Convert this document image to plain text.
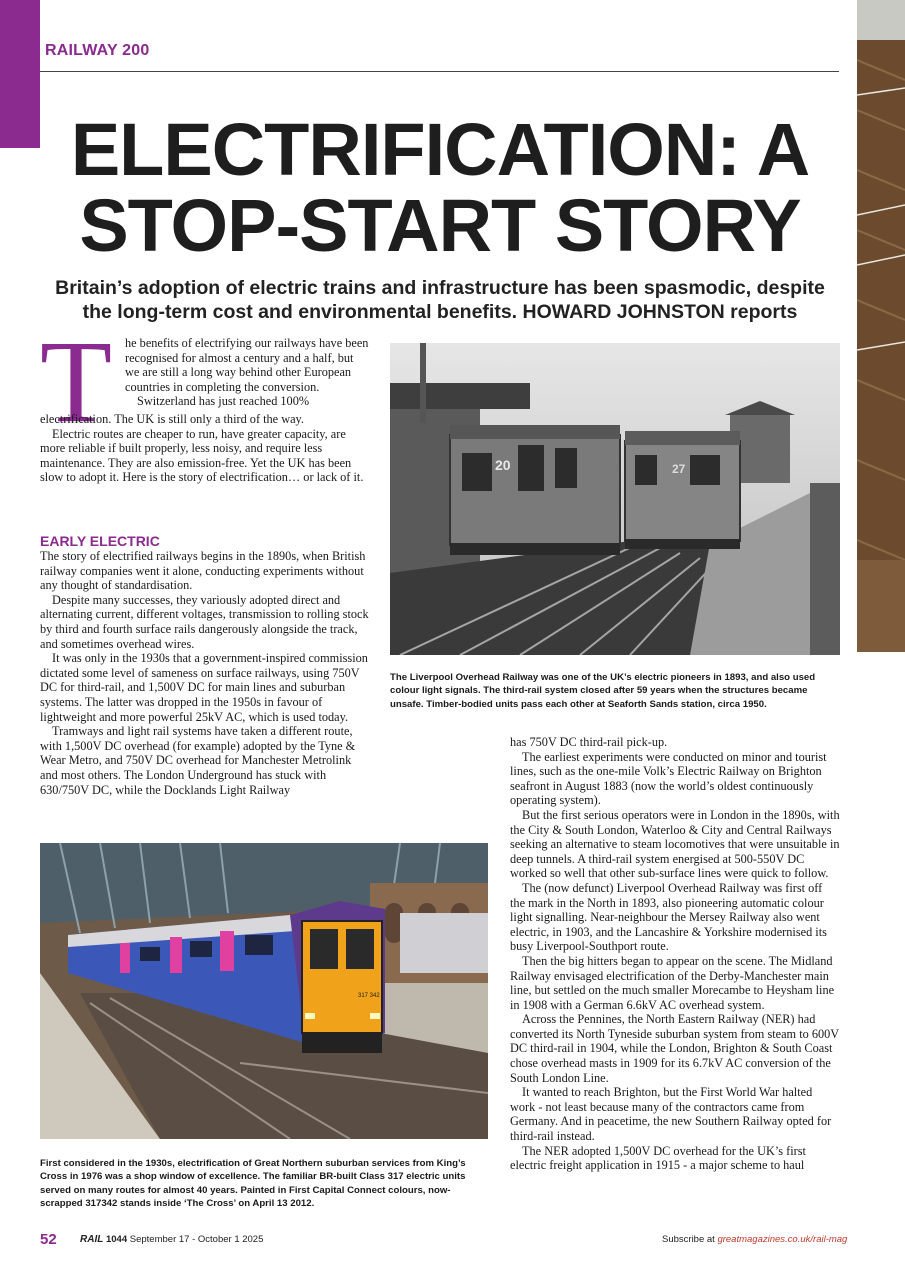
RAILWAY 200
ELECTRIFICATION: A
STOP-START STORY
Britain’s adoption of electric trains and infrastructure has been spasmodic, despite the long-term cost and environmental benefits. HOWARD JOHNSTON reports
T he benefits of electrifying our railways have been recognised for almost a century and a half, but we are still a long way behind other European countries in completing the conversion.

Switzerland has just reached 100%

electrification. The UK is still only a third of the way.

Electric routes are cheaper to run, have greater capacity, are more reliable if built properly, less noisy, and require less maintenance. They are also emission-free. Yet the UK has been slow to adopt it. Here is the story of electrification… or lack of it.

EARLY ELECTRIC

The story of electrified railways begins in the 1890s, when British railway companies went it alone, conducting experiments without any thought of standardisation.

Despite many successes, they variously adopted direct and alternating current, different voltages, transmission to rolling stock by third and fourth surface rails dangerously alongside the track, and sometimes overhead wires.

It was only in the 1930s that a government-inspired commission dictated some level of sameness on surface railways, using 750V DC for third-rail, and 1,500V DC for main lines and suburban systems. The latter was dropped in the 1950s in favour of lightweight and more powerful 25kV AC, which is used today.

Tramways and light rail systems have taken a different route, with 1,500V DC overhead (for example) adopted by the Tyne & Wear Metro, and 750V DC overhead for Manchester Metrolink and most others. The London Underground has stuck with 630/750V DC, while the Docklands Light Railway

20	27
The Liverpool Overhead Railway was one of the UK’s electric pioneers in 1893, and also used colour light signals. The third-rail system closed after 59 years when the structures became unsafe. Timber-bodied units pass each other at Seaforth Sands station, circa 1950.

has 750V DC third-rail pick-up.

The earliest experiments were conducted on minor and tourist lines, such as the one-mile Volk’s Electric Railway on Brighton seafront in August 1883 (now the world’s oldest continuously operating system).

But the first serious operators were in London in the 1890s, with the City & South London, Waterloo & City and Central Railways seeking an alternative to steam locomotives that were unsuitable in deep tunnels. A third-rail system energised at 500-550V DC worked so well that other sub-surface lines were quick to follow.

The (now defunct) Liverpool Overhead Railway was first off the mark in the North in 1893, also pioneering automatic colour light signalling. Near-neighbour the Mersey Railway also went electric, in 1903, and the Lancashire & Yorkshire modernised its busy Liverpool-Southport route.

Then the big hitters began to appear on the scene. The Midland Railway envisaged electrification of the Derby-Manchester main line, but settled on the much smaller Morecambe to Heysham line in 1908 with a German 6.6kV AC overhead system.

Across the Pennines, the North Eastern Railway (NER) had converted its North Tyneside suburban system from steam to 600V DC third-rail in 1904, while the London, Brighton & South Coast chose overhead masts in 1909 for its 6.7kV AC conversion of the South London Line.

It wanted to reach Brighton, but the First World War halted work - not least because many of the contractors came from Germany. And in peacetime, the new Southern Railway opted for third-rail instead.

The NER adopted 1,500V DC overhead for the UK’s first electric freight application in 1915 - a major scheme to haul

317 342
First considered in the 1930s, electrification of Great Northern suburban services from King’s Cross in 1976 was a shop window of excellence. The familiar BR-built Class 317 electric units served on many routes for almost 40 years. Painted in First Capital Connect colours, now-scrapped 317342 stands inside ‘The Cross’ on April 13 2012.
52 RAIL 1044 September 17 - October 1 2025	Subscribe at greatmagazines.co.uk/rail-mag
